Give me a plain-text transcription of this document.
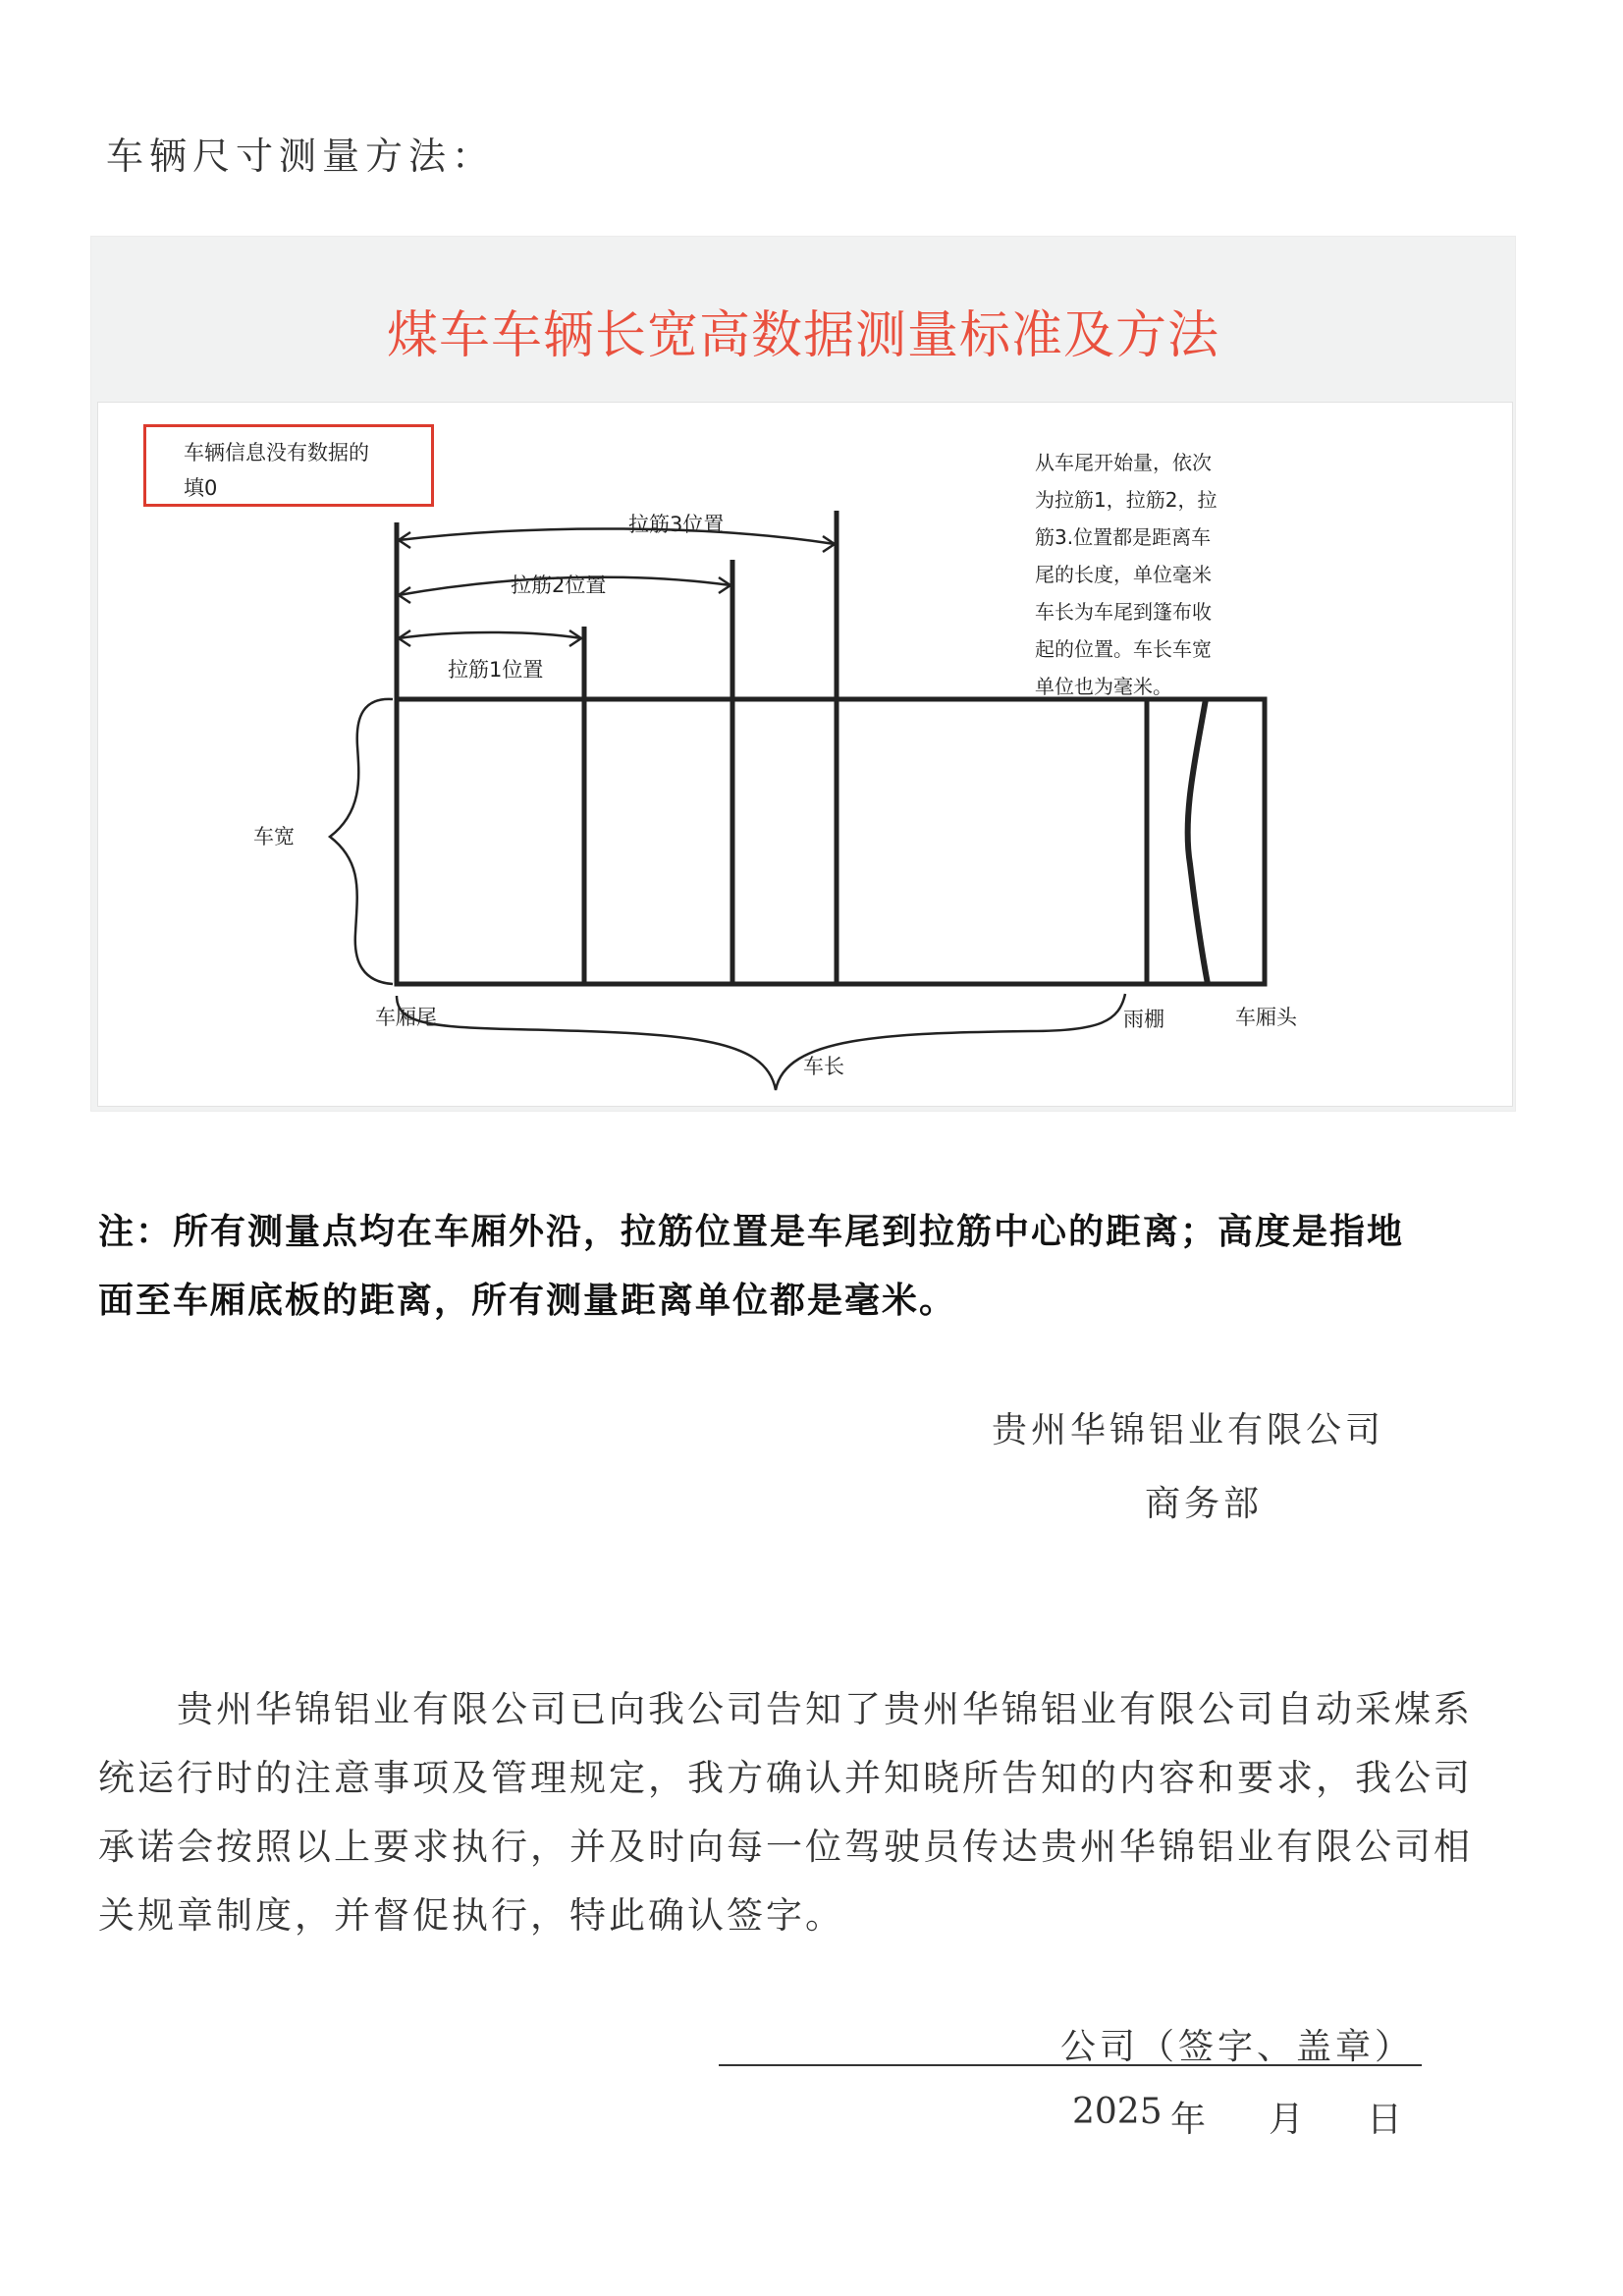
车辆尺寸测量方法：
煤车车辆长宽高数据测量标准及方法
车辆信息没有数据的
填0
从车尾开始量，依次
为拉筋1，拉筋2，拉
筋3.位置都是距离车
尾的长度，单位毫米
车长为车尾到篷布收
起的位置。车长车宽
单位也为毫米。
拉筋1位置
拉筋2位置
拉筋3位置
车宽
车厢尾	雨棚	车厢头
车长
注：所有测量点均在车厢外沿，拉筋位置是车尾到拉筋中心的距离；高度是指地
面至车厢底板的距离，所有测量距离单位都是毫米。
贵州华锦铝业有限公司
商务部
贵州华锦铝业有限公司已向我公司告知了贵州华锦铝业有限公司自动采煤系
统运行时的注意事项及管理规定，我方确认并知晓所告知的内容和要求，我公司
承诺会按照以上要求执行，并及时向每一位驾驶员传达贵州华锦铝业有限公司相
关规章制度，并督促执行，特此确认签字。
公司（签字、盖章）
2025 年 月 日
